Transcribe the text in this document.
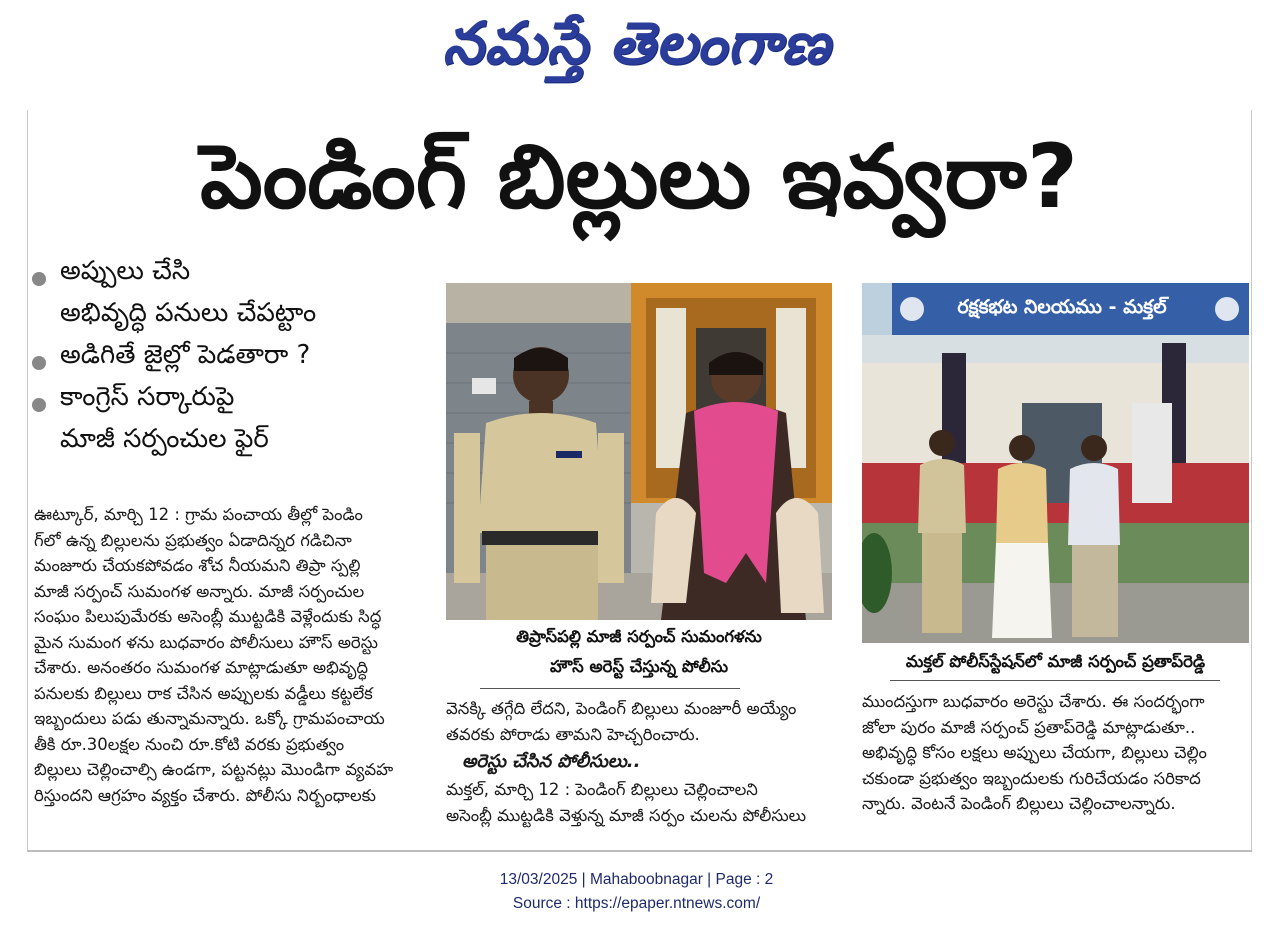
నమస్తే తెలంగాణ
పెండింగ్ బిల్లులు ఇవ్వరా?
అప్పులు చేసి
అభివృద్ధి పనులు చేపట్టాం
అడిగితే జైల్లో పెడతారా ?
కాంగ్రెస్ సర్కారుపై
మాజీ సర్పంచుల ఫైర్

ఊట్కూర్, మార్చి 12 : గ్రామ పంచాయ తీల్లో పెండిం

గ్‌లో ఉన్న బిల్లులను ప్రభుత్వం ఏడాదిన్నర గడిచినా

మంజూరు చేయకపోవడం శోచ నీయమని తిప్రా స్పల్లి

మాజీ సర్పంచ్ సుమంగళ అన్నారు. మాజీ సర్పంచుల

సంఘం పిలుపుమేరకు అసెంబ్లీ ముట్టడికి వెళ్లేందుకు సిద్ధ

మైన సుమంగ ళను బుధవారం పోలీసులు హౌస్ అరెస్టు

చేశారు. అనంతరం సుమంగళ మాట్లాడుతూ అభివృద్ధి

పనులకు బిల్లులు రాక చేసిన అప్పులకు వడ్డీలు కట్టలేక

ఇబ్బందులు పడు తున్నామన్నారు. ఒక్కో గ్రామపంచాయ

తీకి రూ.30లక్షల నుంచి రూ.కోటి వరకు ప్రభుత్వం

బిల్లులు చెల్లించాల్సి ఉండగా, పట్టనట్లు మొండిగా వ్యవహ

రిస్తుందని ఆగ్రహం వ్యక్తం చేశారు. పోలీసు నిర్బంధాలకు

తిప్రాస్‌పల్లి మాజీ సర్పంచ్ సుమంగళను
హౌస్ అరెస్ట్ చేస్తున్న పోలీసు

వెనక్కి తగ్గేది లేదని, పెండింగ్ బిల్లులు మంజూరీ అయ్యేం

తవరకు పోరాడు తామని హెచ్చరించారు.

అరెస్టు చేసిన పోలీసులు..

మక్తల్, మార్చి 12 : పెండింగ్ బిల్లులు చెల్లించాలని

అసెంబ్లీ ముట్టడికి వెళ్తున్న మాజీ సర్పం చులను పోలీసులు

రక్షకభట నిలయము - మక్తల్
మక్తల్ పోలీస్‌స్టేషన్‌లో మాజీ సర్పంచ్ ప్రతాప్‌రెడ్డి

ముందస్తుగా బుధవారం అరెస్టు చేశారు. ఈ సందర్భంగా

జోలా పురం మాజీ సర్పంచ్ ప్రతాప్‌రెడ్డి మాట్లాడుతూ..

అభివృద్ధి కోసం లక్షలు అప్పులు చేయగా, బిల్లులు చెల్లిం

చకుండా ప్రభుత్వం ఇబ్బందులకు గురిచేయడం సరికాద

న్నారు. వెంటనే పెండింగ్ బిల్లులు చెల్లించాలన్నారు.

13/03/2025 | Mahaboobnagar | Page : 2
Source : https://epaper.ntnews.com/
